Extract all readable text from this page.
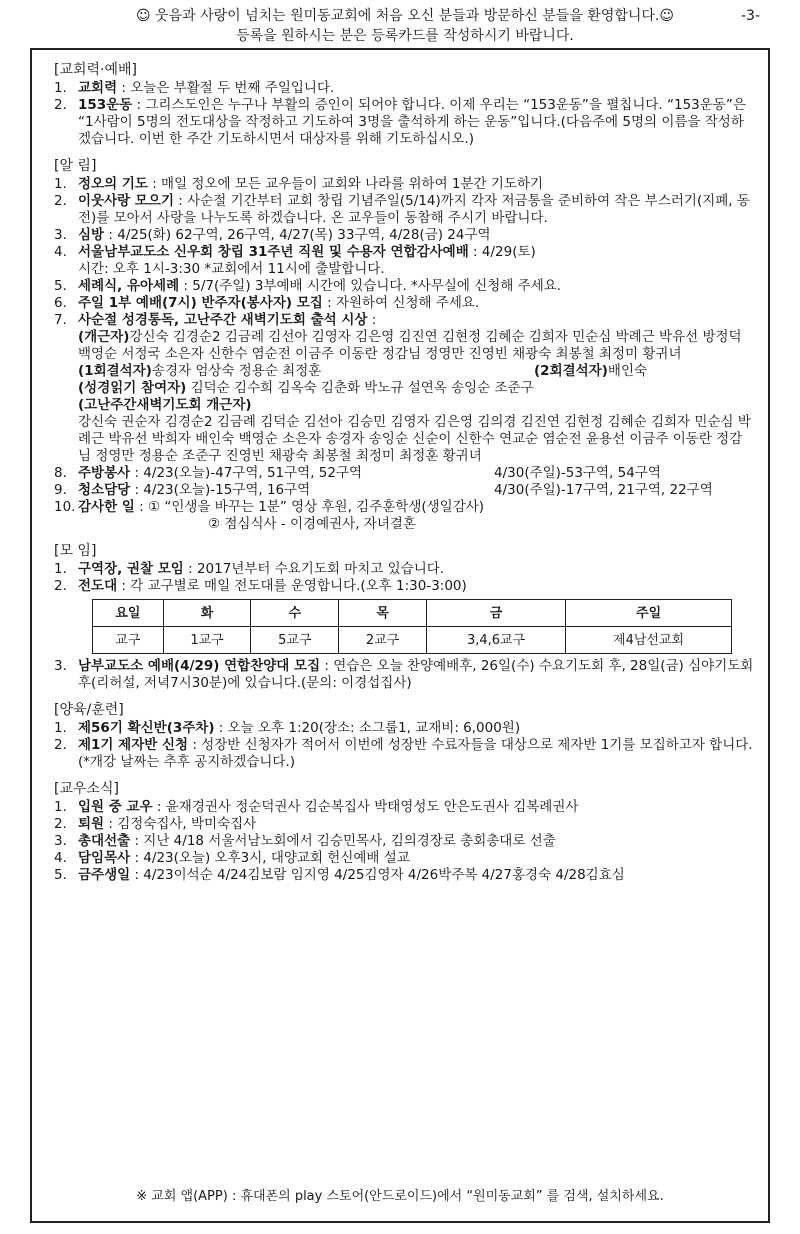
☺ 웃음과 사랑이 넘치는 원미동교회에 처음 오신 분들과 방문하신 분들을 환영합니다.☺
등록을 원하시는 분은 등록카드를 작성하시기 바랍니다.
-3-
[교회력·예배]
1. 교회력 : 오늘은 부활절 두 번째 주일입니다.
2. 153운동 : 그리스도인은 누구나 부활의 증인이 되어야 합니다. 이제 우리는 “153운동”을 펼칩니다. “153운동”은 “1사람이 5명의 전도대상을 작정하고 기도하여 3명을 출석하게 하는 운동”입니다.(다음주에 5명의 이름을 작성하겠습니다. 이번 한 주간 기도하시면서 대상자를 위해 기도하십시오.)
[알 림]
1. 정오의 기도 : 매일 정오에 모든 교우들이 교회와 나라를 위하여 1분간 기도하기
2. 이웃사랑 모으기 : 사순절 기간부터 교회 창립 기념주일(5/14)까지 각자 저금통을 준비하여 작은 부스러기(지폐, 동전)를 모아서 사랑을 나누도록 하겠습니다. 온 교우들이 동참해 주시기 바랍니다.
3. 심방 : 4/25(화) 62구역, 26구역, 4/27(목) 33구역, 4/28(금) 24구역
4. 서울남부교도소 신우회 창립 31주년 직원 및 수용자 연합감사예배 : 4/29(토)
시간: 오후 1시-3:30 *교회에서 11시에 출발합니다.
5. 세례식, 유아세례 : 5/7(주일) 3부예배 시간에 있습니다. *사무실에 신청해 주세요.
6. 주일 1부 예배(7시) 반주자(봉사자) 모집 : 자원하여 신청해 주세요.
7. 사순절 성경통독, 고난주간 새벽기도회 출석 시상 :
(개근자)강신숙 김경순2 김금례 김선아 김영자 김은영 김진연 김현정 김혜순 김희자 민순심 박례근 박유선 방정덕 백영순 서정국 소은자 신한수 염순전 이금주 이동란 정감님 정영만 진영빈 채광숙 최봉철 최정미 황귀녀
(1회결석자)송경자 엄상숙 정용순 최정훈	(2회결석자)배인숙
(성경읽기 참여자) 김덕순 김수희 김옥숙 김춘화 박노규 설연옥 송잉순 조준구
(고난주간새벽기도회 개근자)
강신숙 권순자 김경순2 김금례 김덕순 김선아 김승민 김영자 김은영 김의경 김진연 김현정 김혜순 김희자 민순심 박례근 박유선 박희자 배인숙 백영순 소은자 송경자 송잉순 신순이 신한수 연교순 염순전 윤용선 이금주 이동란 정감님 정영만 정용순 조준구 진영빈 채광숙 최봉철 최정미 최정훈 황귀녀
8. 주방봉사 : 4/23(오늘)-47구역, 51구역, 52구역	4/30(주일)-53구역, 54구역
9. 청소담당 : 4/23(오늘)-15구역, 16구역	4/30(주일)-17구역, 21구역, 22구역
10. 감사한 일 : ① “인생을 바꾸는 1분” 영상 후원, 김주훈학생(생일감사)
② 점심식사 - 이경예권사, 자녀결혼
[모 임]
1. 구역장, 권찰 모임 : 2017년부터 수요기도회 마치고 있습니다.
2. 전도대 : 각 교구별로 매일 전도대를 운영합니다.(오후 1:30-3:00)
요일	화	수	목	금	주일
교구	1교구	5교구	2교구	3,4,6교구	제4남선교회
3. 남부교도소 예배(4/29) 연합찬양대 모집 : 연습은 오늘 찬양예배후, 26일(수) 수요기도회 후, 28일(금) 심야기도회 후(리허설, 저녁7시30분)에 있습니다.(문의: 이경섭집사)
[양육/훈련]
1. 제56기 확신반(3주차) : 오늘 오후 1:20(장소: 소그룹1, 교재비: 6,000원)
2. 제1기 제자반 신청 : 성장반 신청자가 적어서 이번에 성장반 수료자들을 대상으로 제자반 1기를 모집하고자 합니다.(*개강 날짜는 추후 공지하겠습니다.)
[교우소식]
1. 입원 중 교우 : 윤재경권사 정순덕권사 김순복집사 박태영성도 안은도권사 김복례권사
2. 퇴원 : 김정숙집사, 박미숙집사
3. 총대선출 : 지난 4/18 서울서남노회에서 김승민목사, 김의경장로 총회총대로 선출
4. 담임목사 : 4/23(오늘) 오후3시, 대양교회 헌신예배 설교
5. 금주생일 : 4/23이석순 4/24김보람 임지영 4/25김영자 4/26박주복 4/27홍경숙 4/28김효심
※ 교회 앱(APP) : 휴대폰의 play 스토어(안드로이드)에서 “원미동교회” 를 검색, 설치하세요.
